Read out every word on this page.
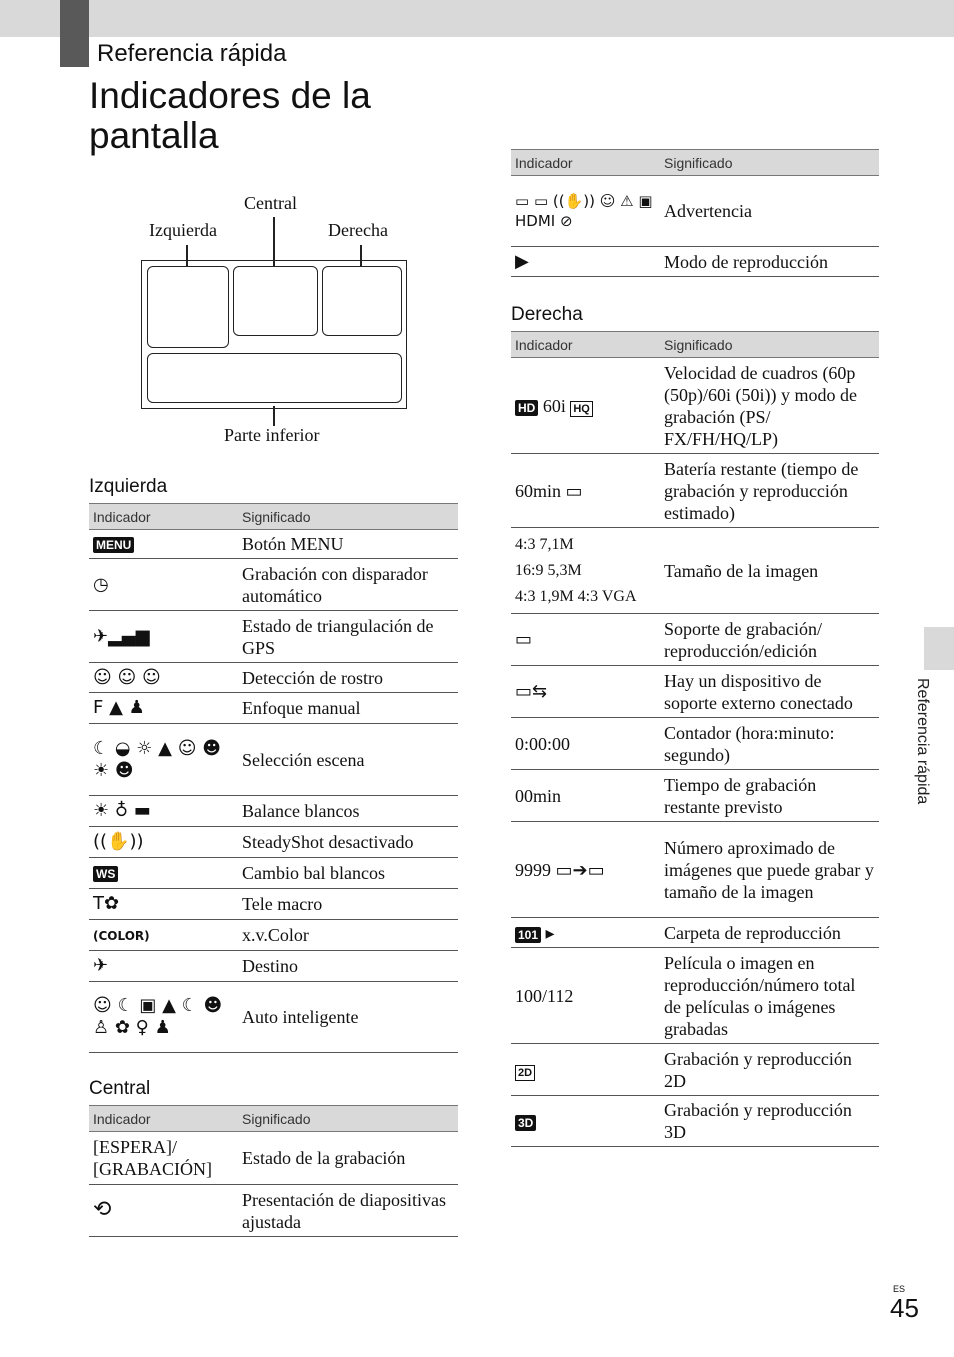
Referencia rápida
Indicadores de la
pantalla
Central
Izquierda	Derecha
Parte inferior
Izquierda
Indicador	Significado
MENU	Botón MENU
◷	Grabación con disparador automático
✈▂▄▆	Estado de triangulación de GPS
☺ ☺ ☺	Detección de rostro
F ▲ ♟	Enfoque manual
☾ ◒ ☼ ▲ ☺ ☻ ☀ ☻	Selección escena
☀ ♁ ▬	Balance blancos
((✋))	SteadyShot desactivado
WS	Cambio bal blancos
T✿	Tele macro
(COLOR)	x.v.Color
✈	Destino
☺ ☾ ▣ ▲ ☾ ☻ ♙ ✿ ♀ ♟	Auto inteligente
Central
Indicador	Significado
[ESPERA]/ [GRABACIÓN]	Estado de la grabación
⟲	Presentación de diapositivas ajustada
Indicador	Significado
▭ ▭ ((✋)) ☺ ⚠ ▣ HDMI ⊘	Advertencia
▶	Modo de reproducción
Derecha
Indicador	Significado
HD 60i HQ	Velocidad de cuadros (60p (50p)/60i (50i)) y modo de grabación (PS/ FX/FH/HQ/LP)
60min ▭	Batería restante (tiempo de grabación y reproducción estimado)

4:3 7,1M
16:9 5,3M
4:3 1,9M 4:3 VGA	Tamaño de la imagen
▭	Soporte de grabación/ reproducción/edición
▭⇆	Hay un dispositivo de soporte externo conectado
0:00:00	Contador (hora:minuto: segundo)
00min	Tiempo de grabación restante previsto
9999 ▭➔▭	Número aproximado de imágenes que puede grabar y tamaño de la imagen
101 ▸	Carpeta de reproducción
100/112	Película o imagen en reproducción/número total de películas o imágenes grabadas
2D	Grabación y reproducción 2D
3D	Grabación y reproducción 3D
Referencia rápida
ES
45
